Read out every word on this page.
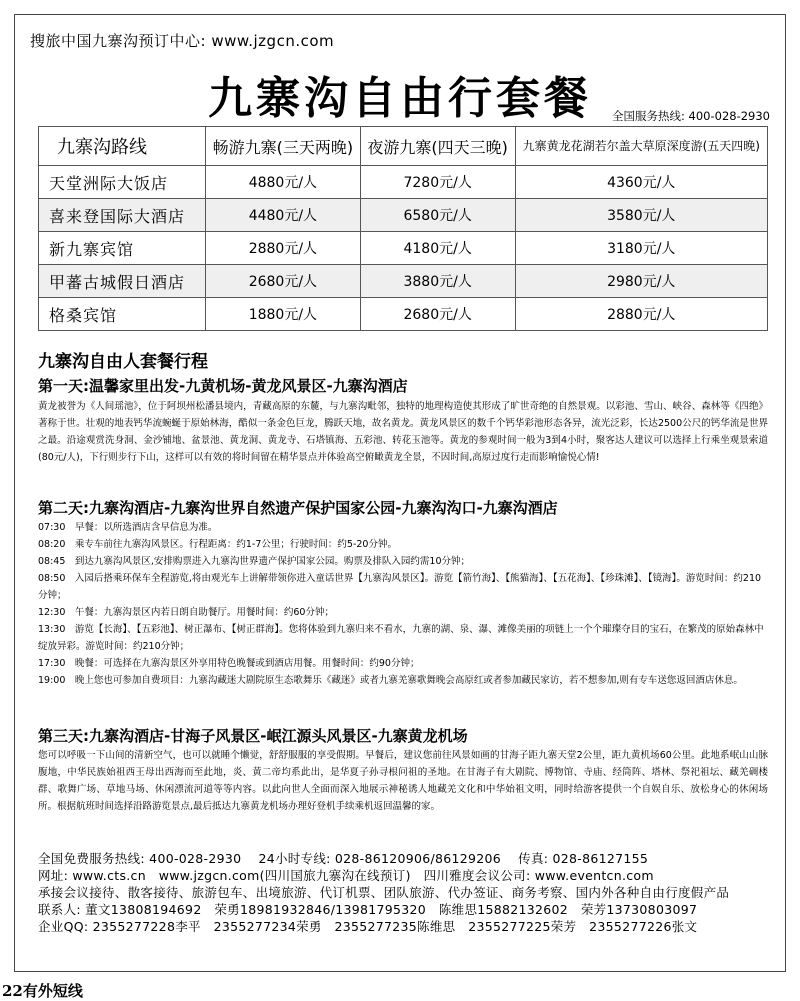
搜旅中国九寨沟预订中心: www.jzgcn.com
九寨沟自由行套餐	全国服务热线: 400-028-2930
九寨沟路线	畅游九寨(三天两晚)	夜游九寨(四天三晚)	九寨黄龙花湖若尔盖大草原深度游(五天四晚)
天堂洲际大饭店	4880元/人	7280元/人	4360元/人
喜来登国际大酒店	4480元/人	6580元/人	3580元/人
新九寨宾馆	2880元/人	4180元/人	3180元/人
甲蕃古城假日酒店	2680元/人	3880元/人	2980元/人
格桑宾馆	1880元/人	2680元/人	2880元/人
九寨沟自由人套餐行程
第一天:温馨家里出发-九黄机场-黄龙风景区-九寨沟酒店
黄龙被誉为《人间瑶池》，位于阿坝州松潘县境内，青藏高原的东麓，与九寨沟毗邻，独特的地理构造使其形成了旷世奇绝的自然景观。以彩池、雪山、峡谷、森林等《四绝》著称于世。壮观的地表钙华流蜿蜒于原始林海，酷似一条金色巨龙，腾跃天地，故名黄龙。黄龙风景区的数千个钙华彩池形态各异，流光泛彩，长达2500公尺的钙华流是世界之最。沿途观赏洗身洞、金沙铺地、盆景池、黄龙洞、黄龙寺、石塔镇海、五彩池、转花玉池等。黄龙的参观时间一般为3到4小时，聚客达人建议可以选择上行乘坐观景索道(80元/人)，下行则步行下山，这样可以有效的将时间留在精华景点并体验高空俯瞰黄龙全景，不因时间,高原过度行走而影响愉悦心情!
第二天:九寨沟酒店-九寨沟世界自然遗产保护国家公园-九寨沟沟口-九寨沟酒店
07:30　早餐：以所选酒店含早信息为准。
08:20　乘专车前往九寨沟风景区。行程距离：约1-7公里；行驶时间：约5-20分钟。
08:45　到达九寨沟风景区,安排购票进入九寨沟世界遗产保护国家公园。购票及排队入园约需10分钟；
08:50　入园后搭乘环保车全程游览,将由观光车上讲解带领你进入童话世界【九寨沟风景区】。游览【箭竹海】、【熊猫海】、【五花海】、【珍珠滩】、【镜海】。游览时间：约210分钟；
12:30　午餐：九寨沟景区内若日朗自助餐厅。用餐时间：约60分钟；
13:30　游览【长海】、【五彩池】、树正瀑布、【树正群海】。您将体验到九寨归来不看水，九寨的湖、泉、瀑、滩像美丽的项链上一个个璀璨夺目的宝石，在繁茂的原始森林中绽放异彩。游览时间：约210分钟；
17:30　晚餐：可选择在九寨沟景区外享用特色晚餐或到酒店用餐。用餐时间：约90分钟；
19:00　晚上您也可参加自费项目：九寨沟藏迷大剧院原生态歌舞乐《藏迷》或者九寨羌寨歌舞晚会高原红或者参加藏民家访，若不想参加,则有专车送您返回酒店休息。
第三天:九寨沟酒店-甘海子风景区-岷江源头风景区-九寨黄龙机场
您可以呼吸一下山间的清新空气，也可以就睡个懒觉，舒舒服服的享受假期。早餐后，建议您前往风景如画的甘海子距九寨天堂2公里，距九黄机场60公里。此地系岷山山脉腹地，中华民族始祖西王母出西海而至此地，炎、黄二帝均系此出，是华夏子孙寻根问祖的圣地。在甘海子有大剧院、博物馆、寺庙、经筒阵、塔林、祭祀祖坛、藏羌碉楼群、歌舞广场、草地马场、休闲漂流河道等等内容。以此向世人全面而深入地展示神秘诱人地藏羌文化和中华始祖文明，同时给游客提供一个自娱自乐、放松身心的休闲场所。根据航班时间选择沿路游览景点,最后抵达九寨黄龙机场办理好登机手续乘机返回温馨的家。
全国免费服务热线: 400-028-2930 24小时专线: 028-86120906/86129206 传真: 028-86127155
网址: www.cts.cn www.jzgcn.com(四川国旅九寨沟在线预订) 四川雅度会议公司: www.eventcn.com
承接会议接待、散客接待、旅游包车、出境旅游、代订机票、团队旅游、代办签证、商务考察、国内外各种自由行度假产品
联系人: 董文13808194692　荣勇18981932846/13981795320　陈维思15882132602　荣芳13730803097
企业QQ: 2355277228李平　2355277234荣勇　2355277235陈维思　2355277225荣芳　2355277226张文
22有外短线
